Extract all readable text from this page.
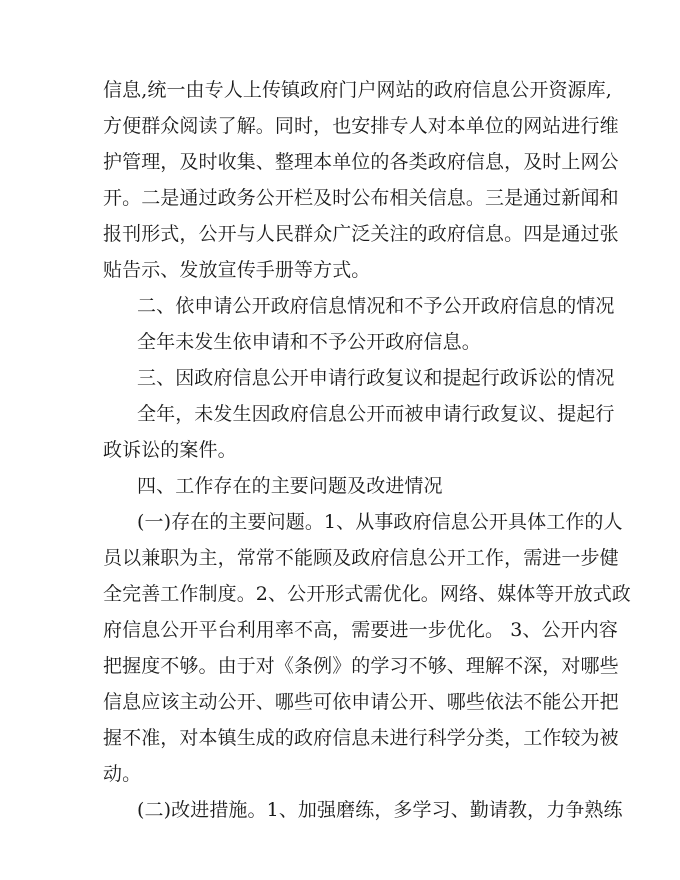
信息,统一由专人上传镇政府门户网站的政府信息公开资源库,
方便群众阅读了解。同时，也安排专人对本单位的网站进行维
护管理，及时收集、整理本单位的各类政府信息，及时上网公
开。二是通过政务公开栏及时公布相关信息。三是通过新闻和
报刊形式，公开与人民群众广泛关注的政府信息。四是通过张
贴告示、发放宣传手册等方式。
二、依申请公开政府信息情况和不予公开政府信息的情况
全年未发生依申请和不予公开政府信息。
三、因政府信息公开申请行政复议和提起行政诉讼的情况
全年，未发生因政府信息公开而被申请行政复议、提起行
政诉讼的案件。
四、工作存在的主要问题及改进情况
(一)存在的主要问题。1、从事政府信息公开具体工作的人
员以兼职为主，常常不能顾及政府信息公开工作，需进一步健
全完善工作制度。2、公开形式需优化。网络、媒体等开放式政
府信息公开平台利用率不高，需要进一步优化。 3、公开内容
把握度不够。由于对《条例》的学习不够、理解不深，对哪些
信息应该主动公开、哪些可依申请公开、哪些依法不能公开把
握不准，对本镇生成的政府信息未进行科学分类，工作较为被
动。
(二)改进措施。1、加强磨练，多学习、勤请教，力争熟练
